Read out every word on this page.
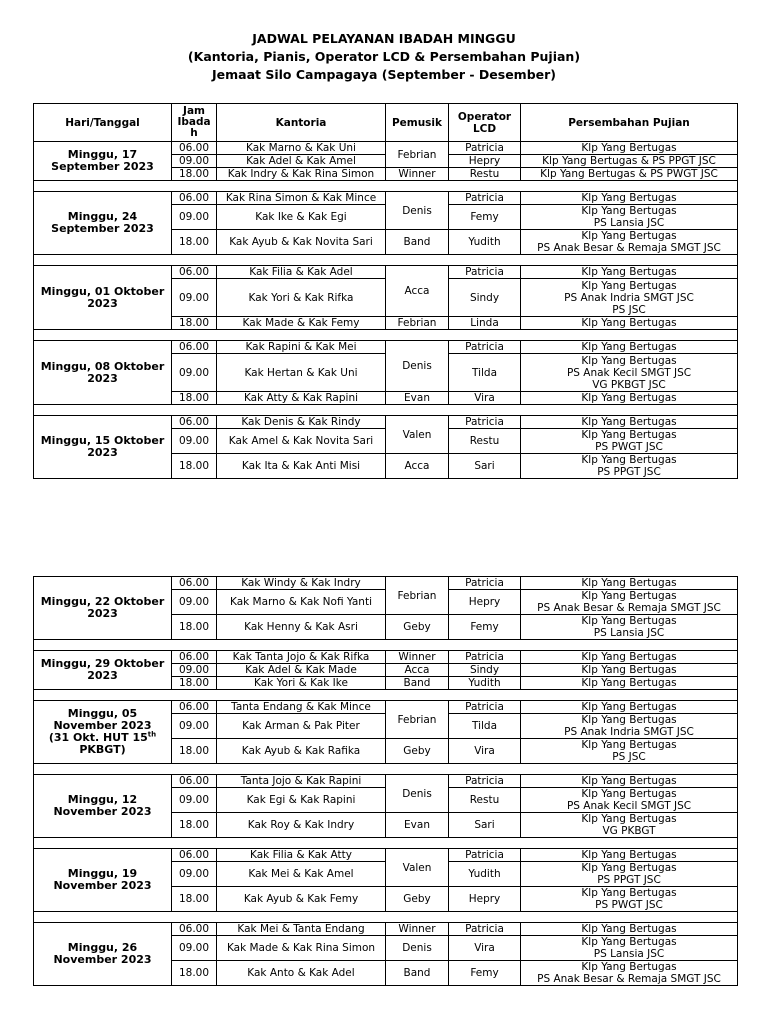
JADWAL PELAYANAN IBADAH MINGGU
(Kantoria, Pianis, Operator LCD & Persembahan Pujian)
Jemaat Silo Campagaya (September - Desember)
Hari/Tanggal	Jam Ibada h	Kantoria	Pemusik	Operator LCD	Persembahan Pujian

Minggu, 17 September 2023	06.00	Kak Marno & Kak Uni	Febrian	Patricia	Klp Yang Bertugas

	09.00	Kak Adel & Kak Amel		Hepry	Klp Yang Bertugas & PS PPGT JSC

	18.00	Kak Indry & Kak Rina Simon	Winner	Restu	Klp Yang Bertugas & PS PWGT JSC

Minggu, 24 September 2023	06.00	Kak Rina Simon & Kak Mince	Denis	Patricia	Klp Yang Bertugas

	09.00	Kak Ike & Kak Egi		Femy	Klp Yang Bertugas
PS Lansia JSC

	18.00	Kak Ayub & Kak Novita Sari	Band	Yudith	Klp Yang Bertugas
PS Anak Besar & Remaja SMGT JSC

Minggu, 01 Oktober 2023	06.00	Kak Filia & Kak Adel	Acca	Patricia	Klp Yang Bertugas

	09.00	Kak Yori & Kak Rifka		Sindy	Klp Yang Bertugas
PS Anak Indria SMGT JSC
PS JSC

	18.00	Kak Made & Kak Femy	Febrian	Linda	Klp Yang Bertugas

Minggu, 08 Oktober 2023	06.00	Kak Rapini & Kak Mei	Denis	Patricia	Klp Yang Bertugas

	09.00	Kak Hertan & Kak Uni		Tilda	Klp Yang Bertugas
PS Anak Kecil SMGT JSC
VG PKBGT JSC

	18.00	Kak Atty & Kak Rapini	Evan	Vira	Klp Yang Bertugas

Minggu, 15 Oktober 2023	06.00	Kak Denis & Kak Rindy	Valen	Patricia	Klp Yang Bertugas

	09.00	Kak Amel & Kak Novita Sari		Restu	Klp Yang Bertugas
PS PWGT JSC

	18.00	Kak Ita & Kak Anti Misi	Acca	Sari	Klp Yang Bertugas
PS PPGT JSC
Minggu, 22 Oktober 2023	06.00	Kak Windy & Kak Indry	Febrian	Patricia	Klp Yang Bertugas

	09.00	Kak Marno & Kak Nofi Yanti		Hepry	Klp Yang Bertugas
PS Anak Besar & Remaja SMGT JSC

	18.00	Kak Henny & Kak Asri	Geby	Femy	Klp Yang Bertugas
PS Lansia JSC

Minggu, 29 Oktober 2023	06.00	Kak Tanta Jojo & Kak Rifka	Winner	Patricia	Klp Yang Bertugas

	09.00	Kak Adel & Kak Made	Acca	Sindy	Klp Yang Bertugas

	18.00	Kak Yori & Kak Ike	Band	Yudith	Klp Yang Bertugas

Minggu, 05 November 2023
(31 Okt. HUT 15th
PKBGT)	06.00	Tanta Endang & Kak Mince	Febrian	Patricia	Klp Yang Bertugas

	09.00	Kak Arman & Pak Piter		Tilda	Klp Yang Bertugas
PS Anak Indria SMGT JSC

	18.00	Kak Ayub & Kak Rafika	Geby	Vira	Klp Yang Bertugas
PS JSC

Minggu, 12 November 2023	06.00	Tanta Jojo & Kak Rapini	Denis	Patricia	Klp Yang Bertugas

	09.00	Kak Egi & Kak Rapini		Restu	Klp Yang Bertugas
PS Anak Kecil SMGT JSC

	18.00	Kak Roy & Kak Indry	Evan	Sari	Klp Yang Bertugas
VG PKBGT

Minggu, 19 November 2023	06.00	Kak Filia & Kak Atty	Valen	Patricia	Klp Yang Bertugas

	09.00	Kak Mei & Kak Amel		Yudith	Klp Yang Bertugas
PS PPGT JSC

	18.00	Kak Ayub & Kak Femy	Geby	Hepry	Klp Yang Bertugas
PS PWGT JSC

Minggu, 26 November 2023	06.00	Kak Mei & Tanta Endang	Winner	Patricia	Klp Yang Bertugas

	09.00	Kak Made & Kak Rina Simon	Denis	Vira	Klp Yang Bertugas
PS Lansia JSC

	18.00	Kak Anto & Kak Adel	Band	Femy	Klp Yang Bertugas
PS Anak Besar & Remaja SMGT JSC
